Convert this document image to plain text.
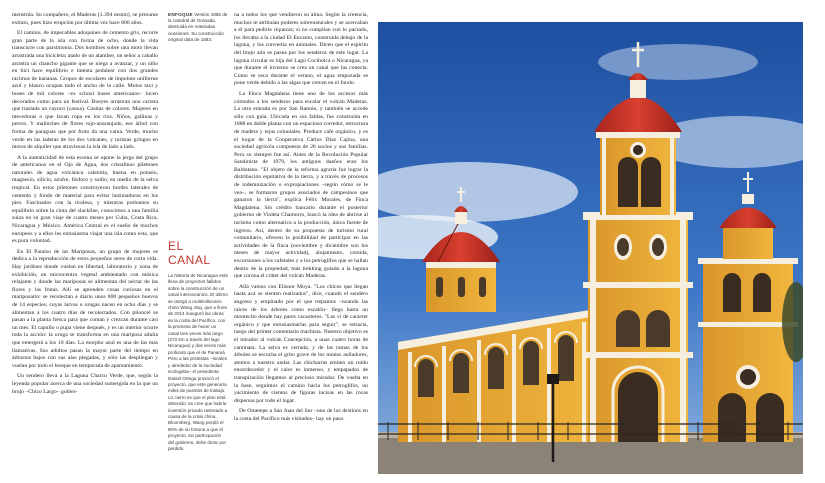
menstrúa. Su compañero, el Maderas (1.394 msnm), se presume extinto, pues hizo erupción por última vez hace 800 años.

El camino, de impecables adoquines de cemento gris, recorre gran parte de la isla con forma de ocho, donde la vida transcurre con parsimonia. Dos hombres sobre una moto llevan arrastrada una bicicleta; atado de un alambre, un señor a caballo arrastra un chancho gigante que se niega a avanzar, y un niño en bici hace equilibrio e intenta pedalear con dos grandes racimos de bananas. Grupos de escolares de impoluto uniforme azul y blanco ocupan todo el ancho de la calle. Motos taxi y buses de mil colores –ex school buses americanos– lucen decorados como para un festival. Bueyes arrastran una carreta que traslada un cayuco (canoa). Casitas de colores. Mujeres en mecedoras o que lavan ropa en los ríos. Niños, gallinas y perros. Y malinches de flores rojo-anaranjado, ese árbol con forma de paraguas que por fruto da una vaina. Verde, mucho verde en las laderas de los dos volcanes, y turistas gringos en motos de alquiler que atraviesan la isla de lado a lado.

A la autenticidad de esta escena se opone la jerga del grupo de americanos en el Ojo de Agua, dos cristalinos piletones naturales de agua volcánica calentita, buena en potasio, magnesio, silicio, azufre, fósforo y sodio, en medio de la selva tropical. En estos piletones construyeron bordes laterales de cemento y fondo de material para evitar lastimaduras en los pies. Fascinados con la tirolesa, y mientras probamos su equilibrio sobre la cinta del slackline, conocimos a una familia suiza en su gran viaje de cuatro meses por Cuba, Costa Rica, Nicaragua y México. América Central es el sueño de muchos europeos y a ellos les entusiasma viajar una isla como esta, que es pura voluntad.

En El Paraíso de las Mariposas, un grupo de mujeres se dedica a la reproducción de estos pequeños seres de corta vida. Hay jardines donde vuelan en libertad, laboratorio y zona de exhibición, un microcentro vegetal ambientado con música relajante y donde las mariposas se alimentan del néctar de las flores y las frutas. Allí se aprenden cosas curiosas en el mariposario: se recolectan a diario unos 800 pequeños huevos de 14 especies, cuyas larvas u orugas nacen en ocho días y se alimentan a los cuatro días de recolectados. Con piloncel se pasan a la planta fresca para que coman y crezcan durante casi un mes. El capullo o pupa viene después, y es un interior ocurre toda la acción: la oruga se transforma en una mariposa adulta que emergerá a los 10 días. La morpho azul es una de las más llamativas. Sus adultos pasan la mayor parte del tiempo en árbustos bajos con sus alas plegadas, y sólo las despliegan y vuelan por todo el bosque en temporada de apareamiento.

Un sendero lleva a la Laguna Charco Verde, que, según la leyenda popular acerca de una sociedad sumergida en la que un brujo –Chico Largo– gobier-

ENFOQUE Versión 1985 de la catedral de Granada, destruida en reiteradas ocasiones. Su construcción original data de 1583.

EL CANAL

La historia de Nicaragua está llena de proyectos fallidos sobre la construcción de un canal interoceánico. El último se otorgó a multimillonario chino Wang Jing, que a fines de 2014 inauguró las obras en la costa del Pacífico, con la promesa de hacer un canal tres veces más largo (272 km a través del lago Nicaragua) y dos veces más profundo que el de Panamá. Pero a las protestas –locales y alrededor de la sociedad ecologista– el presidente Daniel Ortega provocó el proyecto, que este generaría miles de puestos de trabajo. Lo cierto es que el plan está detenido: se cree que habría inversión privado rastreado a causa de la crisis china. Bloomberg, Wang perdió el 80% de su fortuna a que el proyecto, sin participación del gobierno, debe dorar por perdido.

na a todos los que vendieron su alma. Según la creencia, muchos le atribuían poderes sobrenaturales y se acercaban a él para pedirle riquezas; si no cumplían con lo pactado, los llevaba a la ciudad El Encanto, construida debajo de la laguna, y los convertía en animales. Dicen que el espíritu del brujo aún se pasea por los senderos de este lugar. La laguna circular es hija del Lago Cocibolca o Nicaragua, ya que durante el invierno se crea un canal que las conecta. Como se seca durante el verano, el agua empozada se pone verde debido a las algas que crecen en el fondo.

La Finca Magdalena tiene uno de los accesos más cómodos a los senderos para escalar el volcán Maderas. La otra entrada es por San Ramón, y también se accede sólo con guía. Ubicada en sus faldas, fue construida en 1888 en doble planta con un espacioso corredor, estructura de madera y tejas coloniales. Produce café orgánico, y es el hogar de la Cooperativa Carlos Díaz Cajina, una sociedad agrícola compuesta de 26 socios y sus familias. Pero su siempre fue así. Antes de la Revolución Popular Sandinista de 1979, los antiguos dueños eran los Baldotano. "El objeto de la reforma agraria fue lograr la distribución equitativa de la tierra, y a través de procesos de indemnización o expropiaciones –según cómo se le vea–, se formaron grupos asociados de campesinos que ganaron la tierra", explica Félix Morales, de Finca Magdalena. Sin crédito bancario durante el posterior gobierno de Violeta Chamorro, buscó la idea de abrirse al turismo como alternativa a la producción, única fuente de ingreso. Así, dentro de su propuesta de turismo rural comunitario, ofrecen la posibilidad de participar en las actividades de la finca (noviembre y diciembre son los meses de mayor actividad), alojamiento, comida, excursiones a los cafetales y a los petroglifos que se hallan dentro de la propiedad, más trekking guiado a la laguna que corona el cráter del volcán Maderas.

Allá vamos con Elísnor Moya. "Los chicos que llegan hasta acá se sienten realizados", dice, cuando el sendero angosto y empinado por el que trepamos –nuando las raíces de los árboles como escalón– llega hasta un montecito donde hay pares cacaoteros. "Las ví de carácter orgánico y que entusiasmarlas para seguir", se retracta, luego del primer comentario machista. Nuestro objetivo es el mirador al volcán Concepción, a unas cuatro horas de caminata. La selva es cerrada, y de las ramas de los árboles se escucha el grito grave de los monos aulladores, atentos a nuestro andar. Las chicharras emiten un ruido ensordecedor y el calor es inmenso, y empapados de transpiración llegamos al precioso mirador. De vuelta en la base, seguimos el camino hacia los petroglifos, un yacimiento de cientos de figuras incisas en las rocas dispersas por todo el lugar.

De Ometepe a San Juan del Sur –uno de los destinos en la costa del Pacífico más visitados– hay un paso.
